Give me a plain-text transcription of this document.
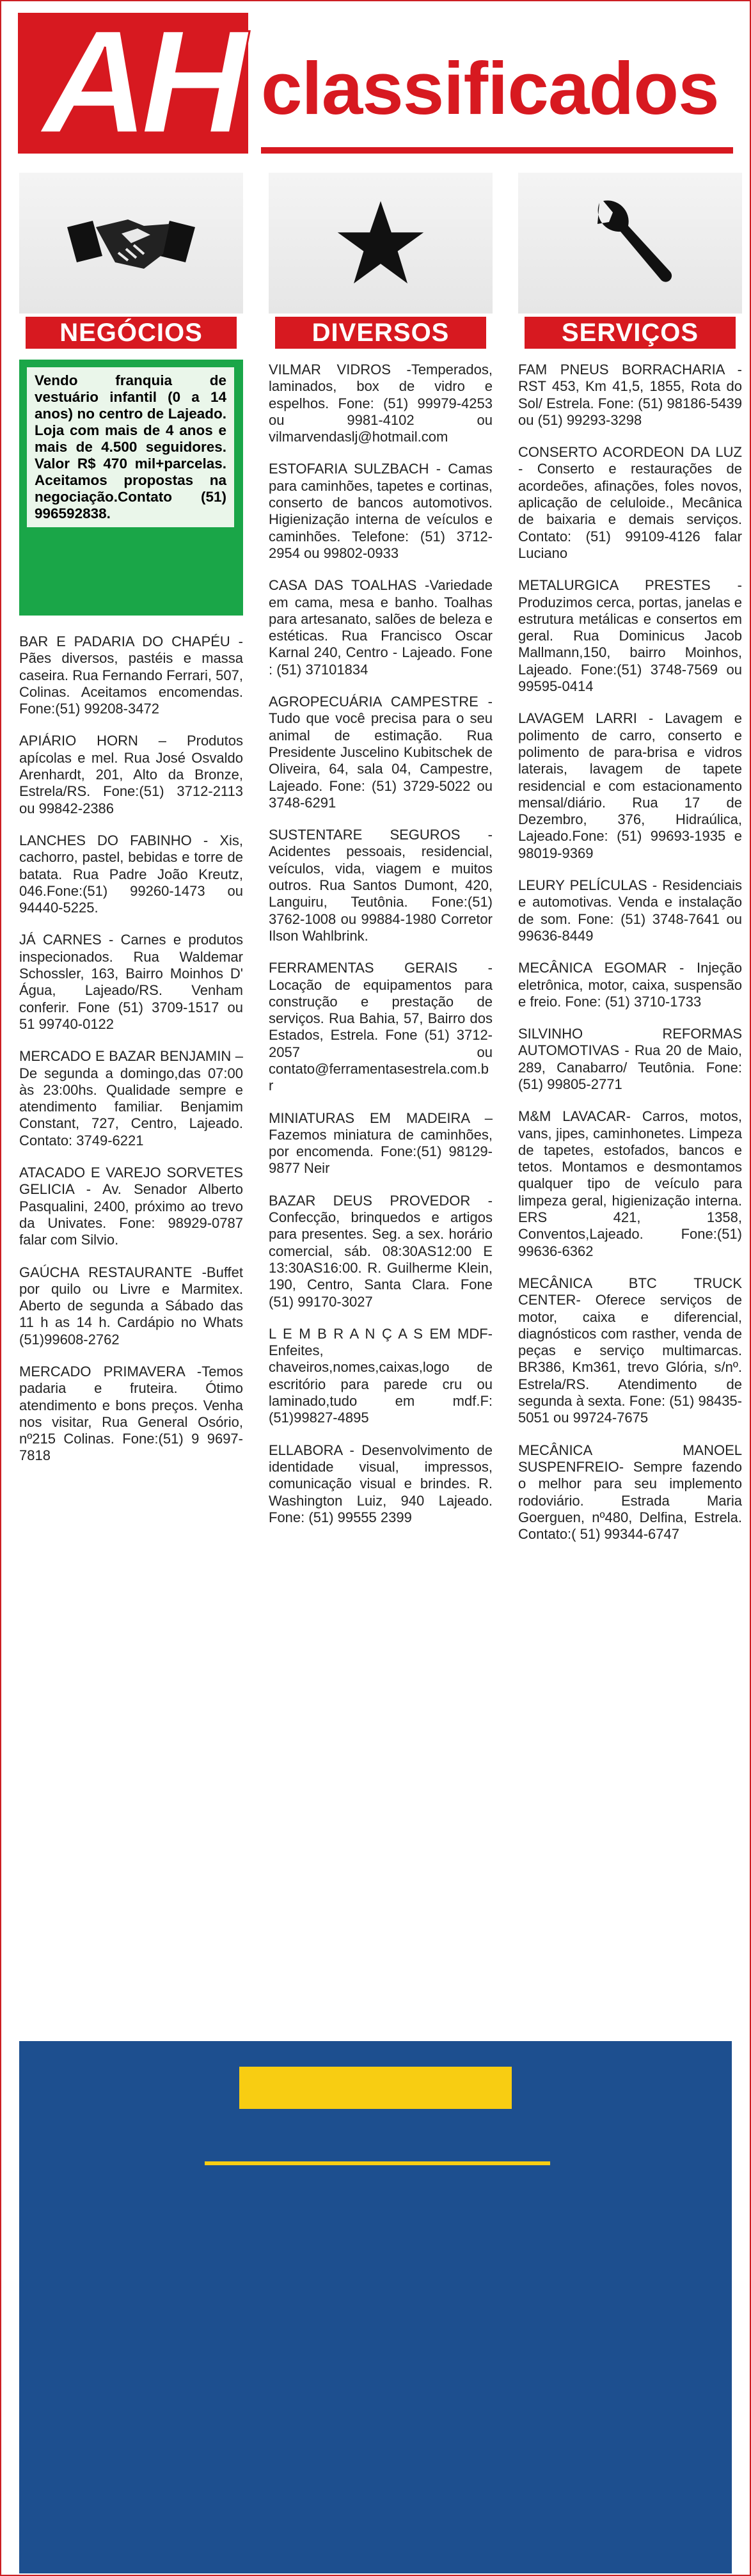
AH classificados
NEGÓCIOS
Vendo franquia de vestuário infantil (0 a 14 anos) no centro de Lajeado. Loja com mais de 4 anos e mais de 4.500 seguidores. Valor R$ 470 mil+parcelas. Aceitamos propostas na negociação.Contato (51) 996592838.

BAR E PADARIA DO CHAPÉU - Pães diversos, pastéis e massa caseira. Rua Fernando Ferrari, 507, Colinas. Aceitamos encomendas. Fone:(51) 99208-3472

APIÁRIO HORN – Produtos apícolas e mel. Rua José Osvaldo Arenhardt, 201, Alto da Bronze, Estrela/RS. Fone:(51) 3712-2113 ou 99842-2386

LANCHES DO FABINHO - Xis, cachorro, pastel, bebidas e torre de batata. Rua Padre João Kreutz, 046.Fone:(51) 99260-1473 ou 94440-5225.

JÁ CARNES - Carnes e produtos inspecionados. Rua Waldemar Schossler, 163, Bairro Moinhos D' Água, Lajeado/RS. Venham conferir. Fone (51) 3709-1517 ou 51 99740-0122

MERCADO E BAZAR BENJAMIN – De segunda a domingo,das 07:00 às 23:00hs. Qualidade sempre e atendimento familiar. Benjamim Constant, 727, Centro, Lajeado. Contato: 3749-6221

ATACADO E VAREJO SORVETES GELICIA - Av. Senador Alberto Pasqualini, 2400, próximo ao trevo da Univates. Fone: 98929-0787 falar com Silvio.

GAÚCHA RESTAURANTE -Buffet por quilo ou Livre e Marmitex. Aberto de segunda a Sábado das 11 h as 14 h. Cardápio no Whats (51)99608-2762

MERCADO PRIMAVERA -Temos padaria e fruteira. Ótimo atendimento e bons preços. Venha nos visitar, Rua General Osório, nº215 Colinas. Fone:(51) 9 9697-7818

DIVERSOS

VILMAR VIDROS -Temperados, laminados, box de vidro e espelhos. Fone: (51) 99979-4253 ou 9981-4102 ou vilmarvendaslj@hotmail.com

ESTOFARIA SULZBACH - Camas para caminhões, tapetes e cortinas, conserto de bancos automotivos. Higienização interna de veículos e caminhões. Telefone: (51) 3712-2954 ou 99802-0933

CASA DAS TOALHAS -Variedade em cama, mesa e banho. Toalhas para artesanato, salões de beleza e estéticas. Rua Francisco Oscar Karnal 240, Centro - Lajeado. Fone : (51) 37101834

AGROPECUÁRIA CAMPESTRE -Tudo que você precisa para o seu animal de estimação. Rua Presidente Juscelino Kubitschek de Oliveira, 64, sala 04, Campestre, Lajeado. Fone: (51) 3729-5022 ou 3748-6291

SUSTENTARE SEGUROS - Acidentes pessoais, residencial, veículos, vida, viagem e muitos outros. Rua Santos Dumont, 420, Languiru, Teutônia. Fone:(51) 3762-1008 ou 99884-1980 Corretor Ilson Wahlbrink.

FERRAMENTAS GERAIS - Locação de equipamentos para construção e prestação de serviços. Rua Bahia, 57, Bairro dos Estados, Estrela. Fone (51) 3712-2057 ou contato@ferramentasestrela.com.br

MINIATURAS EM MADEIRA – Fazemos miniatura de caminhões, por encomenda. Fone:(51) 98129-9877 Neir

BAZAR DEUS PROVEDOR -Confecção, brinquedos e artigos para presentes. Seg. a sex. horário comercial, sáb. 08:30AS12:00 E 13:30AS16:00. R. Guilherme Klein, 190, Centro, Santa Clara. Fone (51) 99170-3027

L E M B R A N Ç A S EM MDF- Enfeites, chaveiros,nomes,caixas,logo de escritório para parede cru ou laminado,tudo em mdf.F:(51)99827-4895

ELLABORA - Desenvolvimento de identidade visual, impressos, comunicação visual e brindes. R. Washington Luiz, 940 Lajeado. Fone: (51) 99555 2399

SERVIÇOS

FAM PNEUS BORRACHARIA - RST 453, Km 41,5, 1855, Rota do Sol/ Estrela. Fone: (51) 98186-5439 ou (51) 99293-3298

CONSERTO ACORDEON DA LUZ - Conserto e restaurações de acordeões, afinações, foles novos, aplicação de celuloide., Mecânica de baixaria e demais serviços. Contato: (51) 99109-4126 falar Luciano

METALURGICA PRESTES - Produzimos cerca, portas, janelas e estrutura metálicas e consertos em geral. Rua Dominicus Jacob Mallmann,150, bairro Moinhos, Lajeado. Fone:(51) 3748-7569 ou 99595-0414

LAVAGEM LARRI - Lavagem e polimento de carro, conserto e polimento de para-brisa e vidros laterais, lavagem de tapete residencial e com estacionamento mensal/diário. Rua 17 de Dezembro, 376, Hidraúlica, Lajeado.Fone: (51) 99693-1935 e 98019-9369

LEURY PELÍCULAS - Residenciais e automotivas. Venda e instalação de som. Fone: (51) 3748-7641 ou 99636-8449

MECÂNICA EGOMAR - Injeção eletrônica, motor, caixa, suspensão e freio. Fone: (51) 3710-1733

SILVINHO REFORMAS AUTOMOTIVAS - Rua 20 de Maio, 289, Canabarro/ Teutônia. Fone: (51) 99805-2771

M&M LAVACAR- Carros, motos, vans, jipes, caminhonetes. Limpeza de tapetes, estofados, bancos e tetos. Montamos e desmontamos qualquer tipo de veículo para limpeza geral, higienização interna. ERS 421, 1358, Conventos,Lajeado. Fone:(51) 99636-6362

MECÂNICA BTC TRUCK CENTER- Oferece serviços de motor, caixa e diferencial, diagnósticos com rasther, venda de peças e serviço multimarcas. BR386, Km361, trevo Glória, s/nº. Estrela/RS. Atendimento de segunda à sexta. Fone: (51) 98435-5051 ou 99724-7675

MECÂNICA MANOEL SUSPENFREIO- Sempre fazendo o melhor para seu implemento rodoviário. Estrada Maria Goerguen, nº480, Delfina, Estrela. Contato:( 51) 99344-6747
